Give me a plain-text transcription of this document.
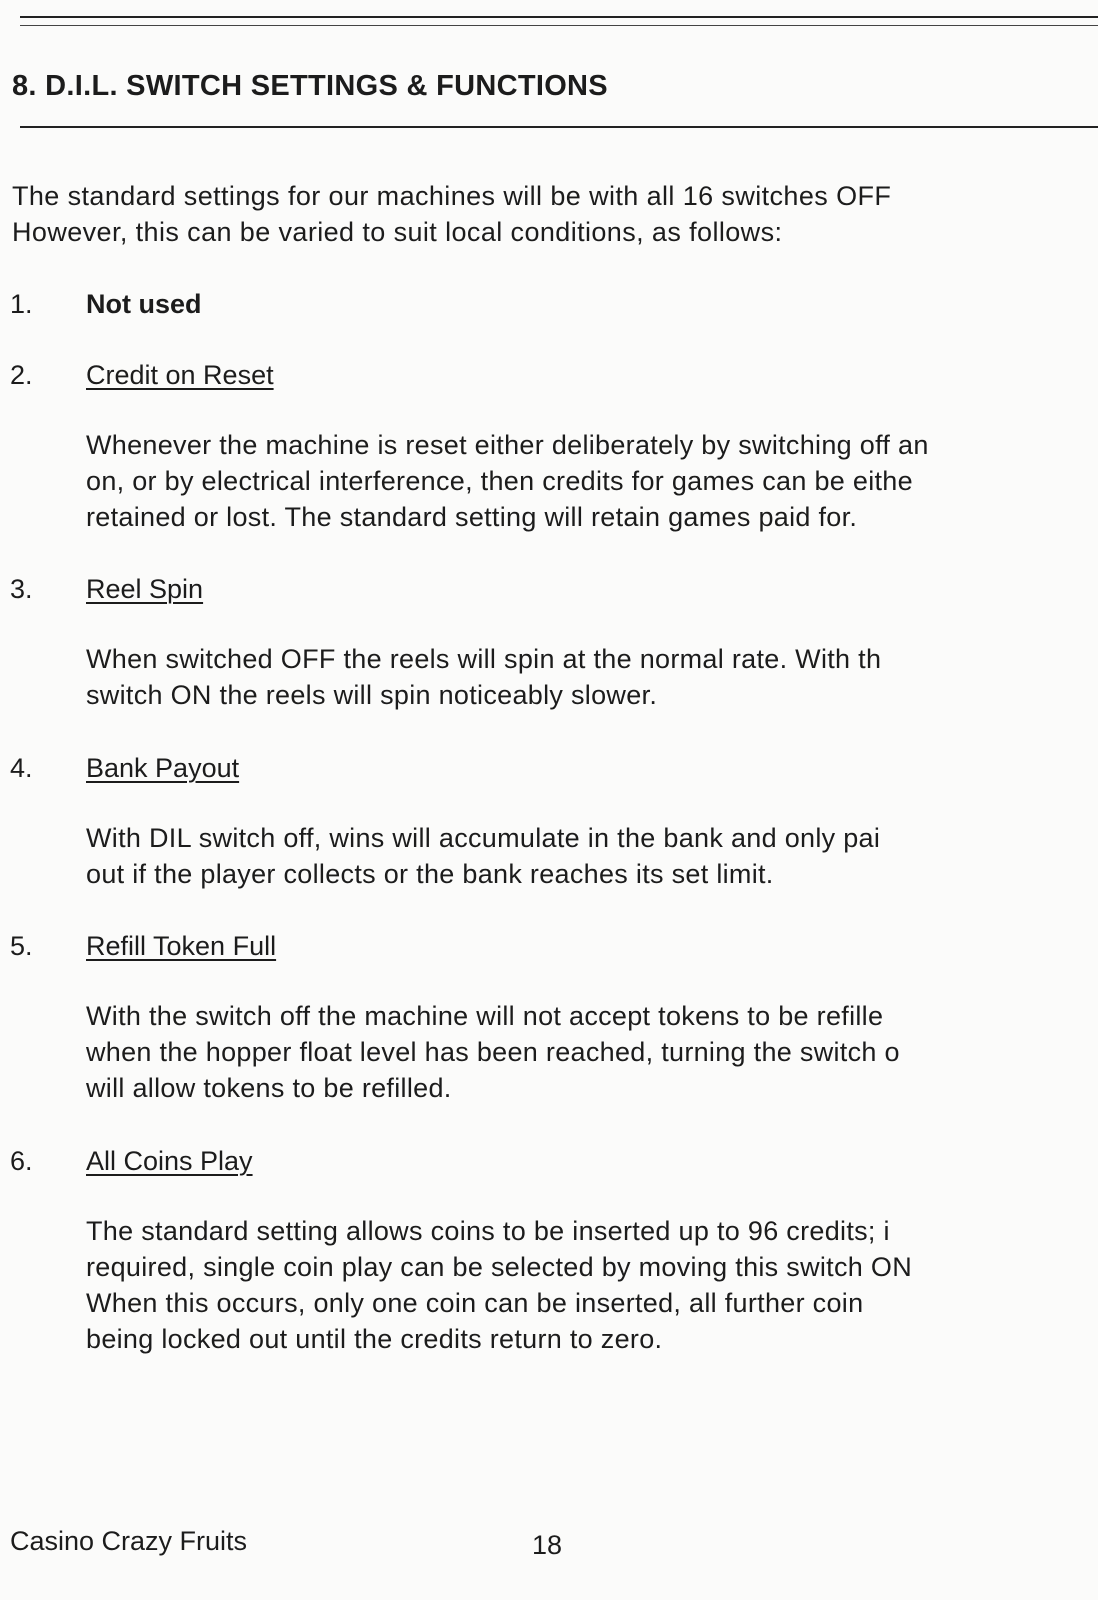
8. D.I.L. SWITCH SETTINGS & FUNCTIONS

The standard settings for our machines will be with all 16 switches OFF

However, this can be varied to suit local conditions, as follows:

1. Not used
2. Credit on Reset

Whenever the machine is reset either deliberately by switching off an

on, or by electrical interference, then credits for games can be eithe

retained or lost. The standard setting will retain games paid for.

3. Reel Spin

When switched OFF the reels will spin at the normal rate. With th

switch ON the reels will spin noticeably slower.

4. Bank Payout

With DIL switch off, wins will accumulate in the bank and only pai

out if the player collects or the bank reaches its set limit.

5. Refill Token Full

With the switch off the machine will not accept tokens to be refille

when the hopper float level has been reached, turning the switch o

will allow tokens to be refilled.

6. All Coins Play

The standard setting allows coins to be inserted up to 96 credits; i

required, single coin play can be selected by moving this switch ON

When this occurs, only one coin can be inserted, all further coin

being locked out until the credits return to zero.

Casino Crazy Fruits	18
